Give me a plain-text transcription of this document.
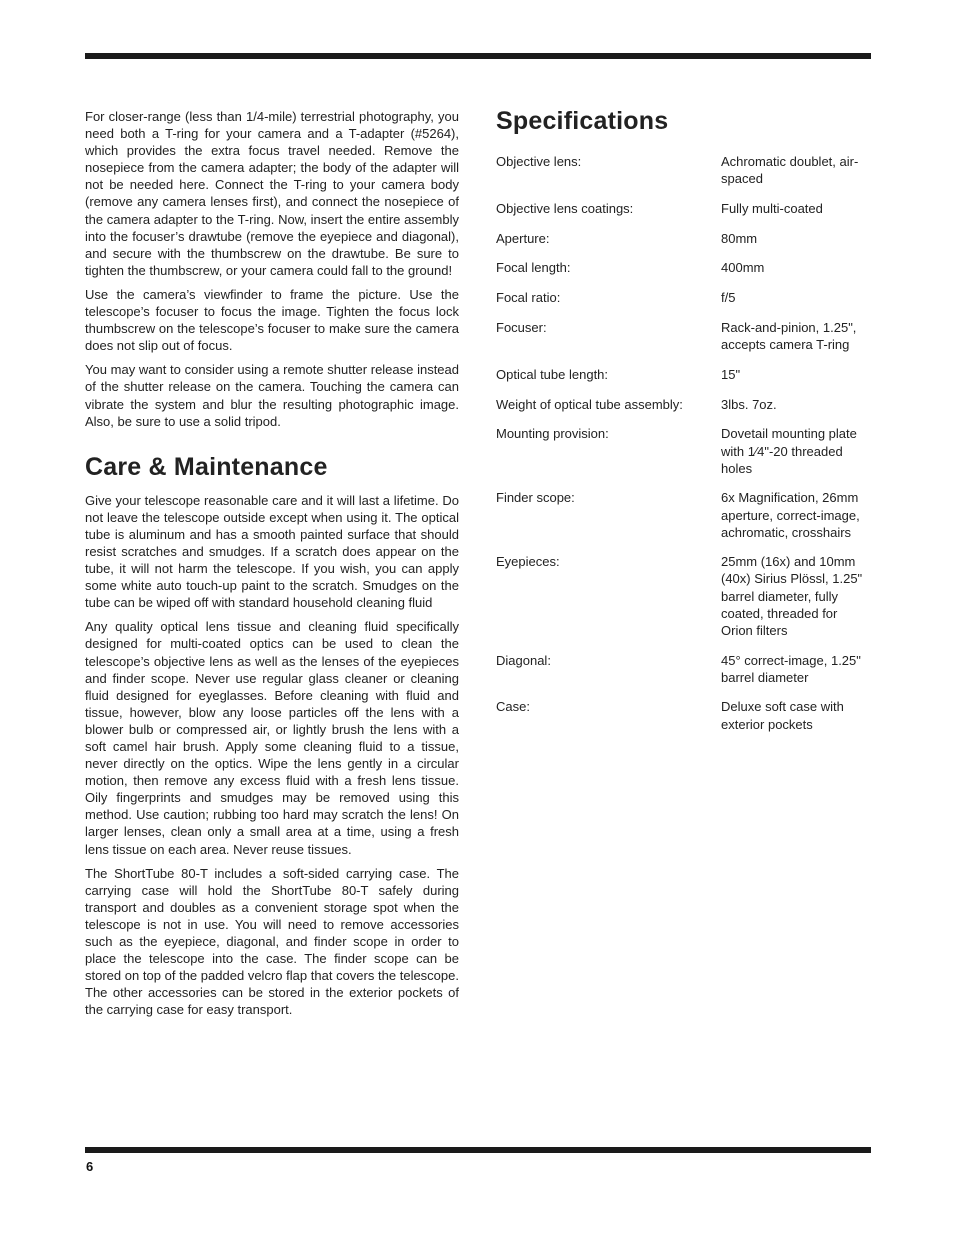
For closer-range (less than 1/4-mile) terrestrial photography, you need both a T-ring for your camera and a T-adapter (#5264), which provides the extra focus travel needed. Remove the nosepiece from the camera adapter; the body of the adapter will not be needed here. Connect the T-ring to your camera body (remove any camera lenses first), and connect the nosepiece of the camera adapter to the T-ring. Now, insert the entire assembly into the focuser’s drawtube (remove the eyepiece and diagonal), and secure with the thumbscrew on the drawtube. Be sure to tighten the thumbscrew, or your camera could fall to the ground!

Use the camera’s viewfinder to frame the picture. Use the telescope’s focuser to focus the image. Tighten the focus lock thumbscrew on the telescope’s focuser to make sure the camera does not slip out of focus.

You may want to consider using a remote shutter release instead of the shutter release on the camera. Touching the camera can vibrate the system and blur the resulting photographic image. Also, be sure to use a solid tripod.

Care & Maintenance

Give your telescope reasonable care and it will last a lifetime. Do not leave the telescope outside except when using it. The optical tube is aluminum and has a smooth painted surface that should resist scratches and smudges. If a scratch does appear on the tube, it will not harm the telescope. If you wish, you can apply some white auto touch-up paint to the scratch. Smudges on the tube can be wiped off with standard household cleaning fluid

Any quality optical lens tissue and cleaning fluid specifically designed for multi-coated optics can be used to clean the telescope’s objective lens as well as the lenses of the eyepieces and finder scope. Never use regular glass cleaner or cleaning fluid designed for eyeglasses. Before cleaning with fluid and tissue, however, blow any loose particles off the lens with a blower bulb or compressed air, or lightly brush the lens with a soft camel hair brush. Apply some cleaning fluid to a tissue, never directly on the optics. Wipe the lens gently in a circular motion, then remove any excess fluid with a fresh lens tissue. Oily fingerprints and smudges may be removed using this method. Use caution; rubbing too hard may scratch the lens! On larger lenses, clean only a small area at a time, using a fresh lens tissue on each area. Never reuse tissues.

The ShortTube 80-T includes a soft-sided carrying case. The carrying case will hold the ShortTube 80-T safely during transport and doubles as a convenient storage spot when the telescope is not in use. You will need to remove accessories such as the eyepiece, diagonal, and finder scope in order to place the telescope into the case. The finder scope can be stored on top of the padded velcro flap that covers the telescope. The other accessories can be stored in the exterior pockets of the carrying case for easy transport.

Specifications
Objective lens:	Achromatic doublet, air-spaced
Objective lens coatings:	Fully multi-coated
Aperture:	80mm
Focal length:	400mm
Focal ratio:	f/5
Focuser:	Rack-and-pinion, 1.25", accepts camera T-ring
Optical tube length:	15"
Weight of optical tube assembly:	3lbs. 7oz.
Mounting provision:	Dovetail mounting plate with 1⁄4"-20 threaded holes
Finder scope:	6x Magnification, 26mm aperture, correct-image, achromatic, crosshairs
Eyepieces:	25mm (16x) and 10mm (40x) Sirius Plössl, 1.25" barrel diameter, fully coated, threaded for Orion filters
Diagonal:	45° correct-image, 1.25" barrel diameter
Case:	Deluxe soft case with exterior pockets
6
